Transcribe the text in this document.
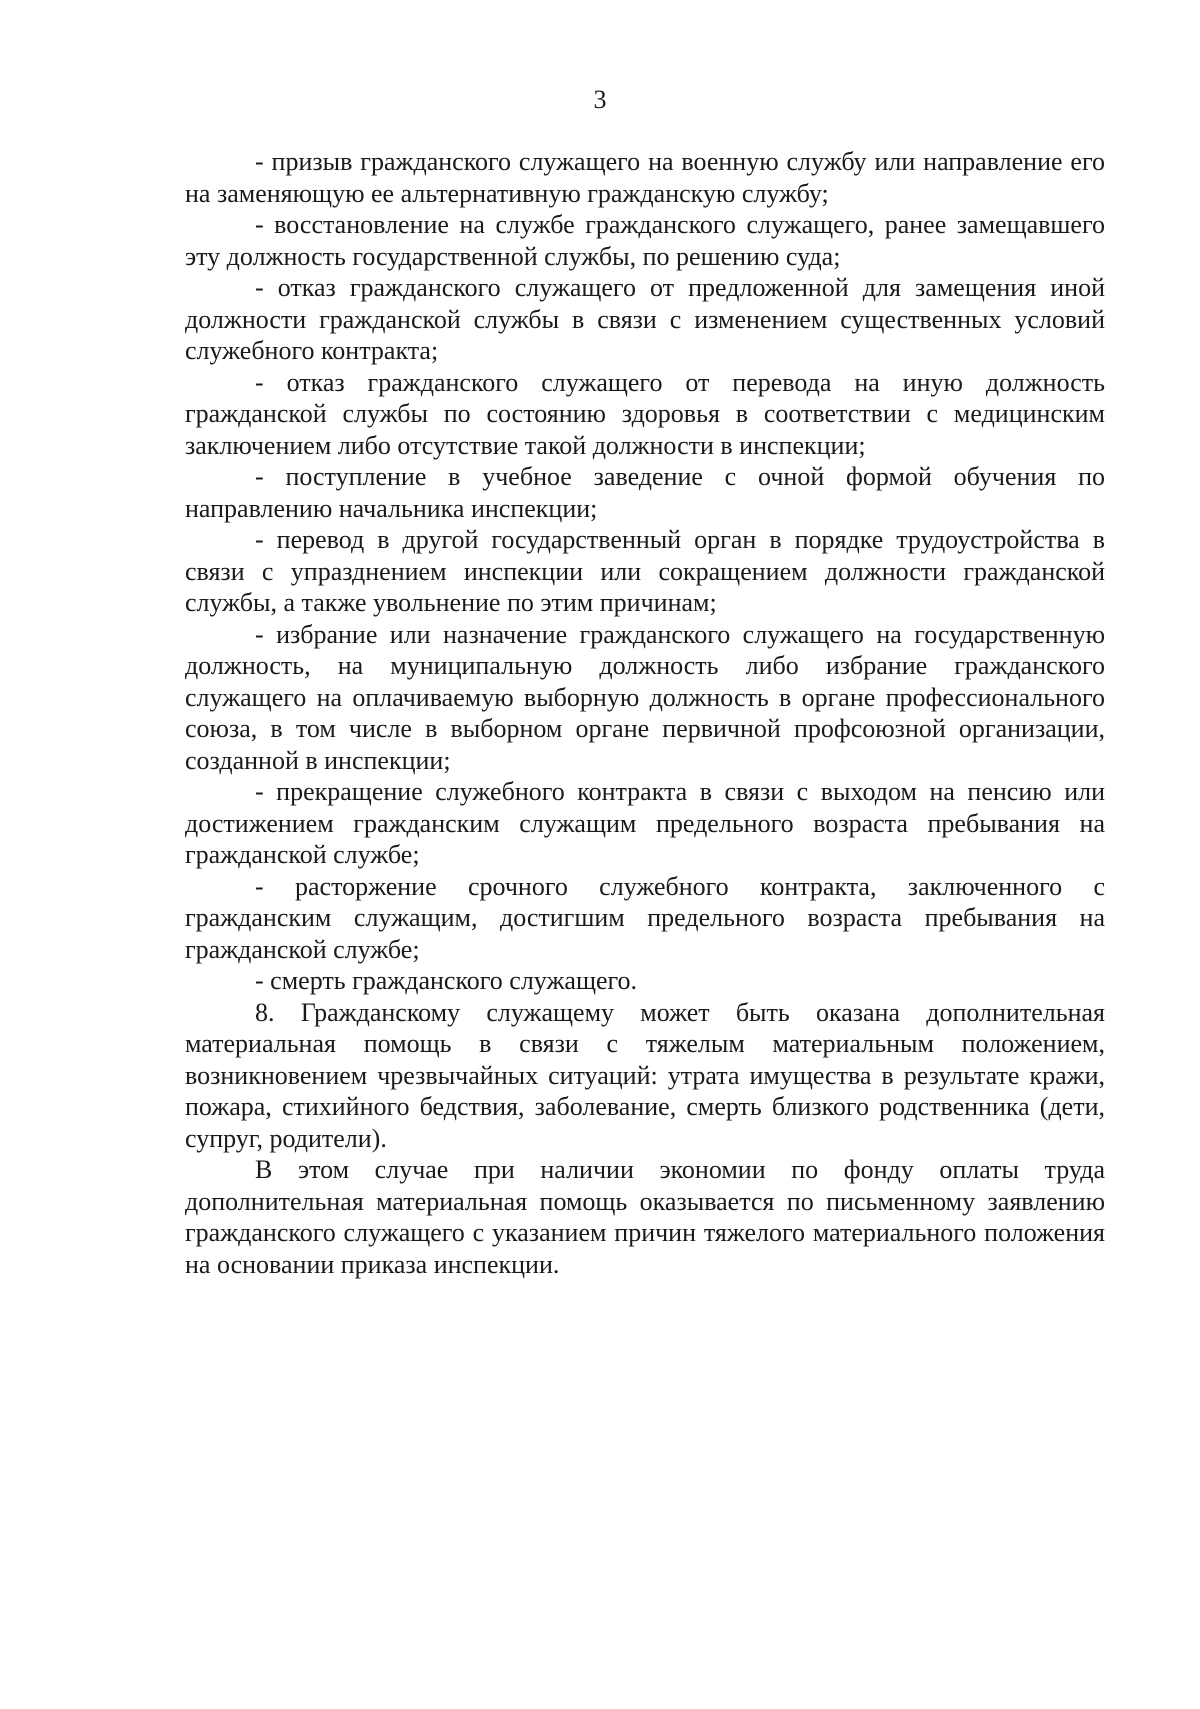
3

- призыв гражданского служащего на военную службу или направление его на заменяющую ее альтернативную гражданскую службу;

- восстановление на службе гражданского служащего, ранее замещавшего эту должность государственной службы, по решению суда;

- отказ гражданского служащего от предложенной для замещения иной должности гражданской службы в связи с изменением существенных условий служебного контракта;

- отказ гражданского служащего от перевода на иную должность гражданской службы по состоянию здоровья в соответствии с медицинским заключением либо отсутствие такой должности в инспекции;

- поступление в учебное заведение с очной формой обучения по направлению начальника инспекции;

- перевод в другой государственный орган в порядке трудоустройства в связи с упразднением инспекции или сокращением должности гражданской службы, а также увольнение по этим причинам;

- избрание или назначение гражданского служащего на государственную должность, на муниципальную должность либо избрание гражданского служащего на оплачиваемую выборную должность в органе профессионального союза, в том числе в выборном органе первичной профсоюзной организации, созданной в инспекции;

- прекращение служебного контракта в связи с выходом на пенсию или достижением гражданским служащим предельного возраста пребывания на гражданской службе;

- расторжение срочного служебного контракта, заключенного с гражданским служащим, достигшим предельного возраста пребывания на гражданской службе;

- смерть гражданского служащего.

8. Гражданскому служащему может быть оказана дополнительная материальная помощь в связи с тяжелым материальным положением, возникновением чрезвычайных ситуаций: утрата имущества в результате кражи, пожара, стихийного бедствия, заболевание, смерть близкого родственника (дети, супруг, родители).

В этом случае при наличии экономии по фонду оплаты труда дополнительная материальная помощь оказывается по письменному заявлению гражданского служащего с указанием причин тяжелого материального положения на основании приказа инспекции.
